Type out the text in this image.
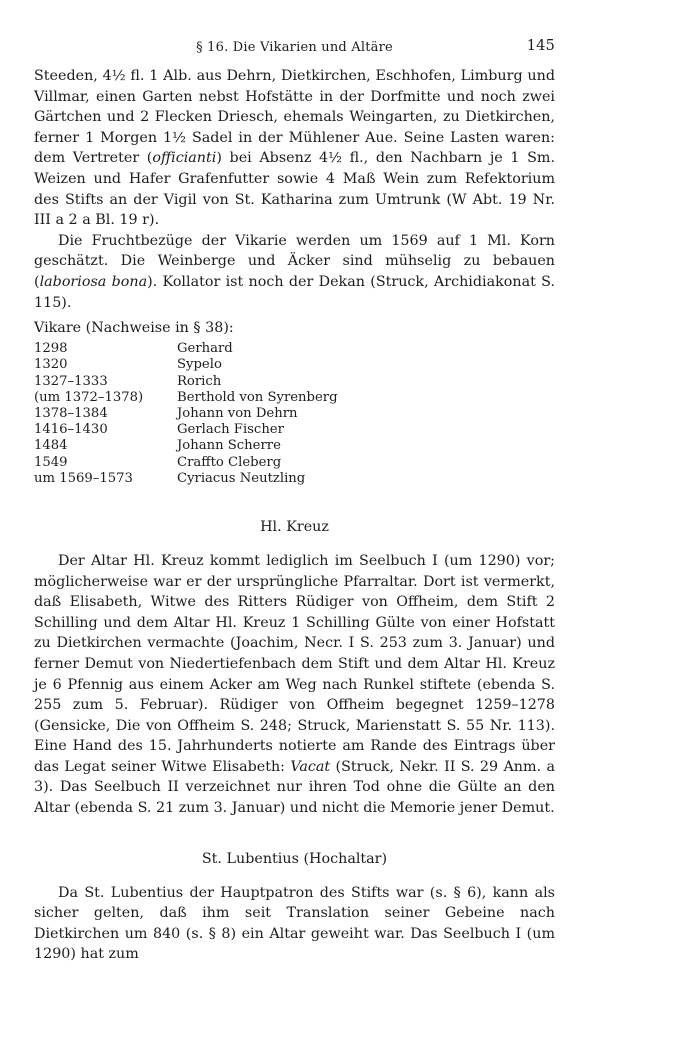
§ 16. Die Vikarien und Altäre	145

Steeden, 4½ fl. 1 Alb. aus Dehrn, Dietkirchen, Eschhofen, Limburg und Villmar, einen Garten nebst Hofstätte in der Dorfmitte und noch zwei Gärtchen und 2 Flecken Driesch, ehemals Weingarten, zu Dietkirchen, ferner 1 Morgen 1½ Sadel in der Mühlener Aue. Seine Lasten waren: dem Vertreter (officianti) bei Absenz 4½ fl., den Nachbarn je 1 Sm. Weizen und Hafer Grafenfutter sowie 4 Maß Wein zum Refektorium des Stifts an der Vigil von St. Katharina zum Umtrunk (W Abt. 19 Nr. III a 2 a Bl. 19 r).

Die Fruchtbezüge der Vikarie werden um 1569 auf 1 Ml. Korn geschätzt. Die Weinberge und Äcker sind mühselig zu bebauen (laboriosa bona). Kollator ist noch der Dekan (Struck, Archidiakonat S. 115).

Vikare (Nachweise in § 38):
1298	Gerhard
1320	Sypelo
1327–1333	Rorich
(um 1372–1378)	Berthold von Syrenberg
1378–1384	Johann von Dehrn
1416–1430	Gerlach Fischer
1484	Johann Scherre
1549	Craffto Cleberg
um 1569–1573	Cyriacus Neutzling
Hl. Kreuz

Der Altar Hl. Kreuz kommt lediglich im Seelbuch I (um 1290) vor; möglicherweise war er der ursprüngliche Pfarraltar. Dort ist vermerkt, daß Elisabeth, Witwe des Ritters Rüdiger von Offheim, dem Stift 2 Schilling und dem Altar Hl. Kreuz 1 Schilling Gülte von einer Hofstatt zu Dietkirchen vermachte (Joachim, Necr. I S. 253 zum 3. Januar) und ferner Demut von Niedertiefenbach dem Stift und dem Altar Hl. Kreuz je 6 Pfennig aus einem Acker am Weg nach Runkel stiftete (ebenda S. 255 zum 5. Februar). Rüdiger von Offheim begegnet 1259–1278 (Gensicke, Die von Offheim S. 248; Struck, Marienstatt S. 55 Nr. 113). Eine Hand des 15. Jahrhunderts notierte am Rande des Eintrags über das Legat seiner Witwe Elisabeth: Vacat (Struck, Nekr. II S. 29 Anm. a 3). Das Seelbuch II verzeichnet nur ihren Tod ohne die Gülte an den Altar (ebenda S. 21 zum 3. Januar) und nicht die Memorie jener Demut.

St. Lubentius (Hochaltar)

Da St. Lubentius der Hauptpatron des Stifts war (s. § 6), kann als sicher gelten, daß ihm seit Translation seiner Gebeine nach Dietkirchen um 840 (s. § 8) ein Altar geweiht war. Das Seelbuch I (um 1290) hat zum
